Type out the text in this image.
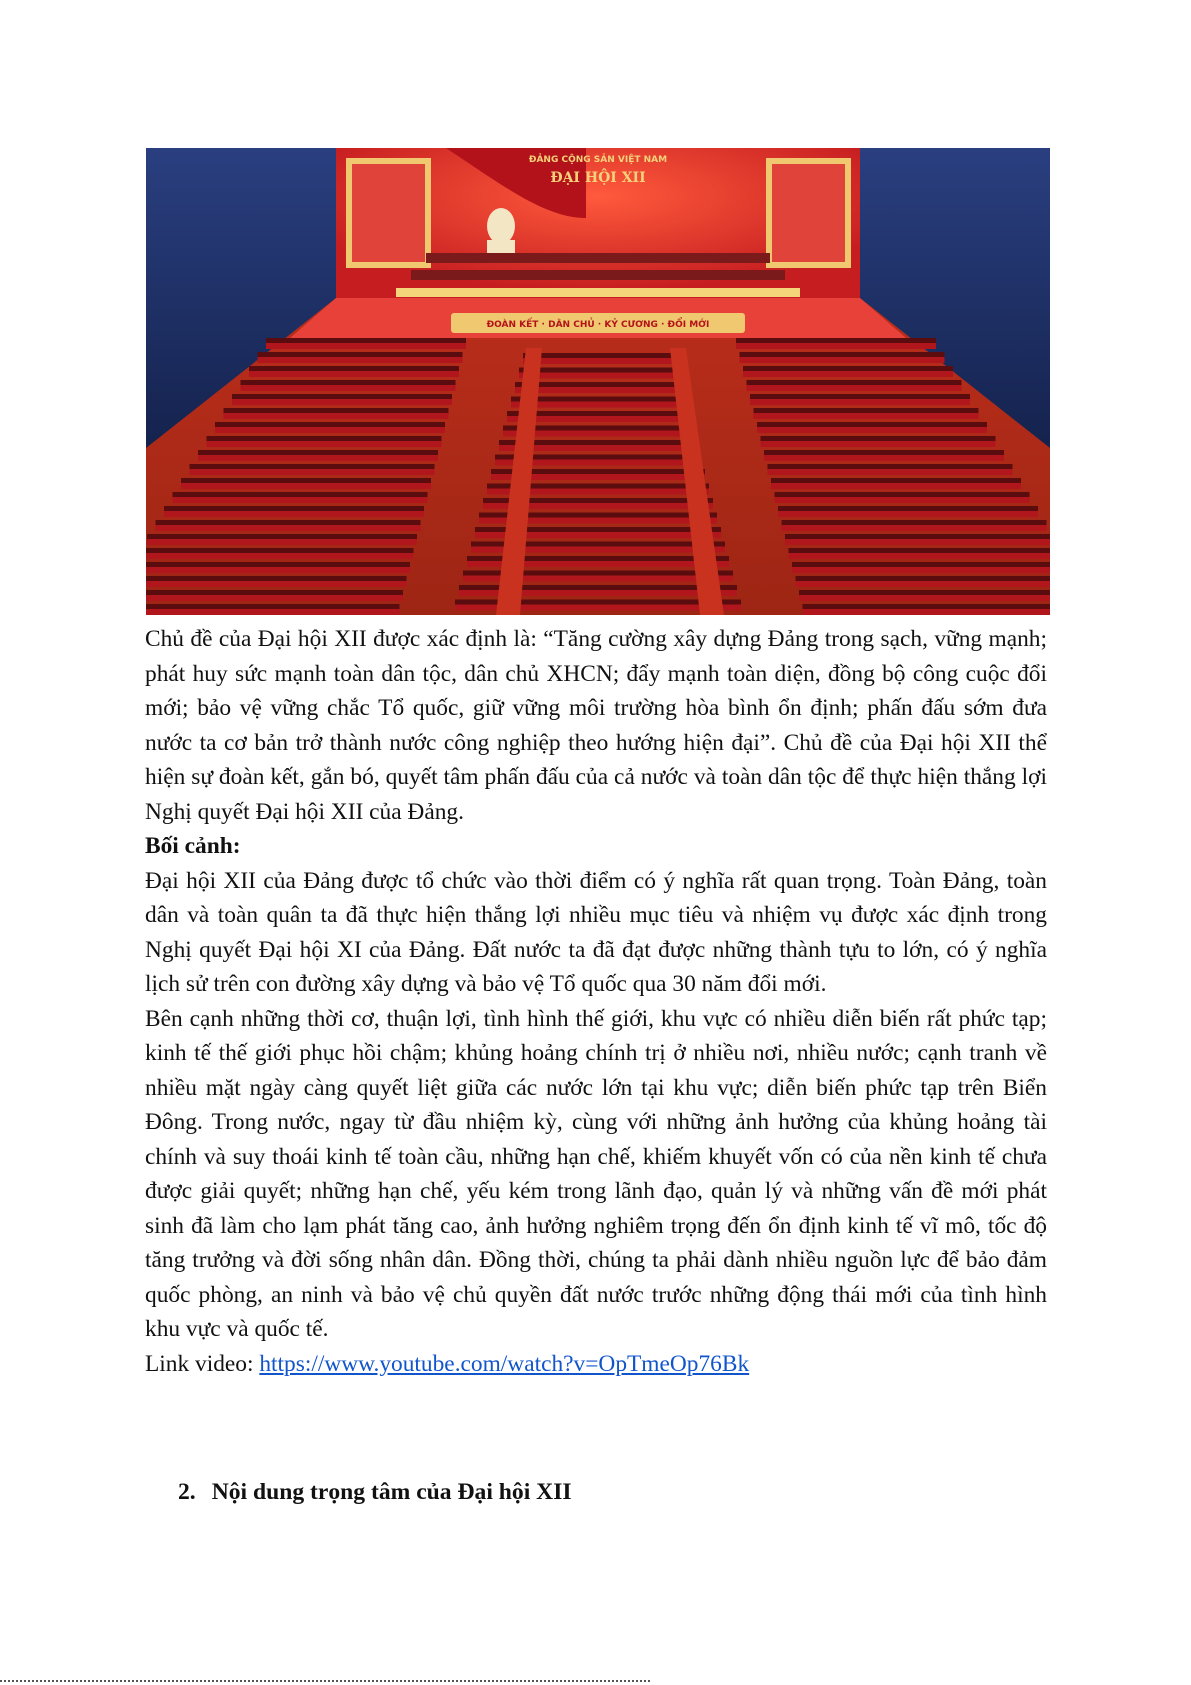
ĐẢNG CỘNG SẢN VIỆT NAM
ĐẠI HỘI XII
ĐOÀN KẾT · DÂN CHỦ · KỶ CƯƠNG · ĐỔI MỚI

Chủ đề của Đại hội XII được xác định là: “Tăng cường xây dựng Đảng trong sạch, vững mạnh; phát huy sức mạnh toàn dân tộc, dân chủ XHCN; đẩy mạnh toàn diện, đồng bộ công cuộc đổi mới; bảo vệ vững chắc Tổ quốc, giữ vững môi trường hòa bình ổn định; phấn đấu sớm đưa nước ta cơ bản trở thành nước công nghiệp theo hướng hiện đại”. Chủ đề của Đại hội XII thể hiện sự đoàn kết, gắn bó, quyết tâm phấn đấu của cả nước và toàn dân tộc để thực hiện thắng lợi Nghị quyết Đại hội XII của Đảng.

Bối cảnh:

Đại hội XII của Đảng được tổ chức vào thời điểm có ý nghĩa rất quan trọng. Toàn Đảng, toàn dân và toàn quân ta đã thực hiện thắng lợi nhiều mục tiêu và nhiệm vụ được xác định trong Nghị quyết Đại hội XI của Đảng. Đất nước ta đã đạt được những thành tựu to lớn, có ý nghĩa lịch sử trên con đường xây dựng và bảo vệ Tổ quốc qua 30 năm đổi mới.

Bên cạnh những thời cơ, thuận lợi, tình hình thế giới, khu vực có nhiều diễn biến rất phức tạp; kinh tế thế giới phục hồi chậm; khủng hoảng chính trị ở nhiều nơi, nhiều nước; cạnh tranh về nhiều mặt ngày càng quyết liệt giữa các nước lớn tại khu vực; diễn biến phức tạp trên Biển Đông. Trong nước, ngay từ đầu nhiệm kỳ, cùng với những ảnh hưởng của khủng hoảng tài chính và suy thoái kinh tế toàn cầu, những hạn chế, khiếm khuyết vốn có của nền kinh tế chưa được giải quyết; những hạn chế, yếu kém trong lãnh đạo, quản lý và những vấn đề mới phát sinh đã làm cho lạm phát tăng cao, ảnh hưởng nghiêm trọng đến ổn định kinh tế vĩ mô, tốc độ tăng trưởng và đời sống nhân dân. Đồng thời, chúng ta phải dành nhiều nguồn lực để bảo đảm quốc phòng, an ninh và bảo vệ chủ quyền đất nước trước những động thái mới của tình hình khu vực và quốc tế.

Link video: https://www.youtube.com/watch?v=OpTmeOp76Bk

2. Nội dung trọng tâm của Đại hội XII
